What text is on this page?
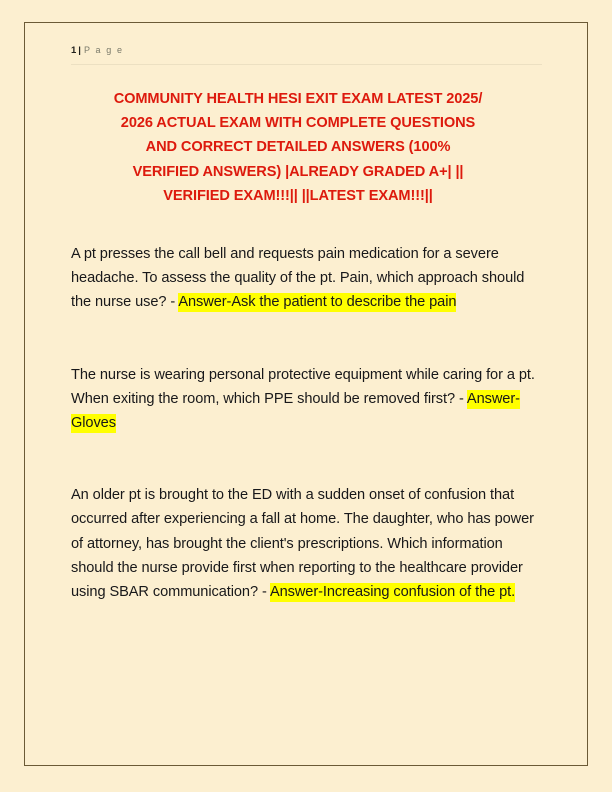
1 | P a g e
COMMUNITY HEALTH HESI EXIT EXAM LATEST 2025/
2026 ACTUAL EXAM WITH COMPLETE QUESTIONS
AND CORRECT DETAILED ANSWERS (100%
VERIFIED ANSWERS) |ALREADY GRADED A+| ||
VERIFIED EXAM!!!|| ||LATEST EXAM!!!||

A pt presses the call bell and requests pain medication for a severe headache. To assess the quality of the pt. Pain, which approach should the nurse use? - Answer-Ask the patient to describe the pain

The nurse is wearing personal protective equipment while caring for a pt. When exiting the room, which PPE should be removed first? - Answer-Gloves

An older pt is brought to the ED with a sudden onset of confusion that occurred after experiencing a fall at home. The daughter, who has power of attorney, has brought the client's prescriptions. Which information should the nurse provide first when reporting to the healthcare provider using SBAR communication? - Answer-Increasing confusion of the pt.
